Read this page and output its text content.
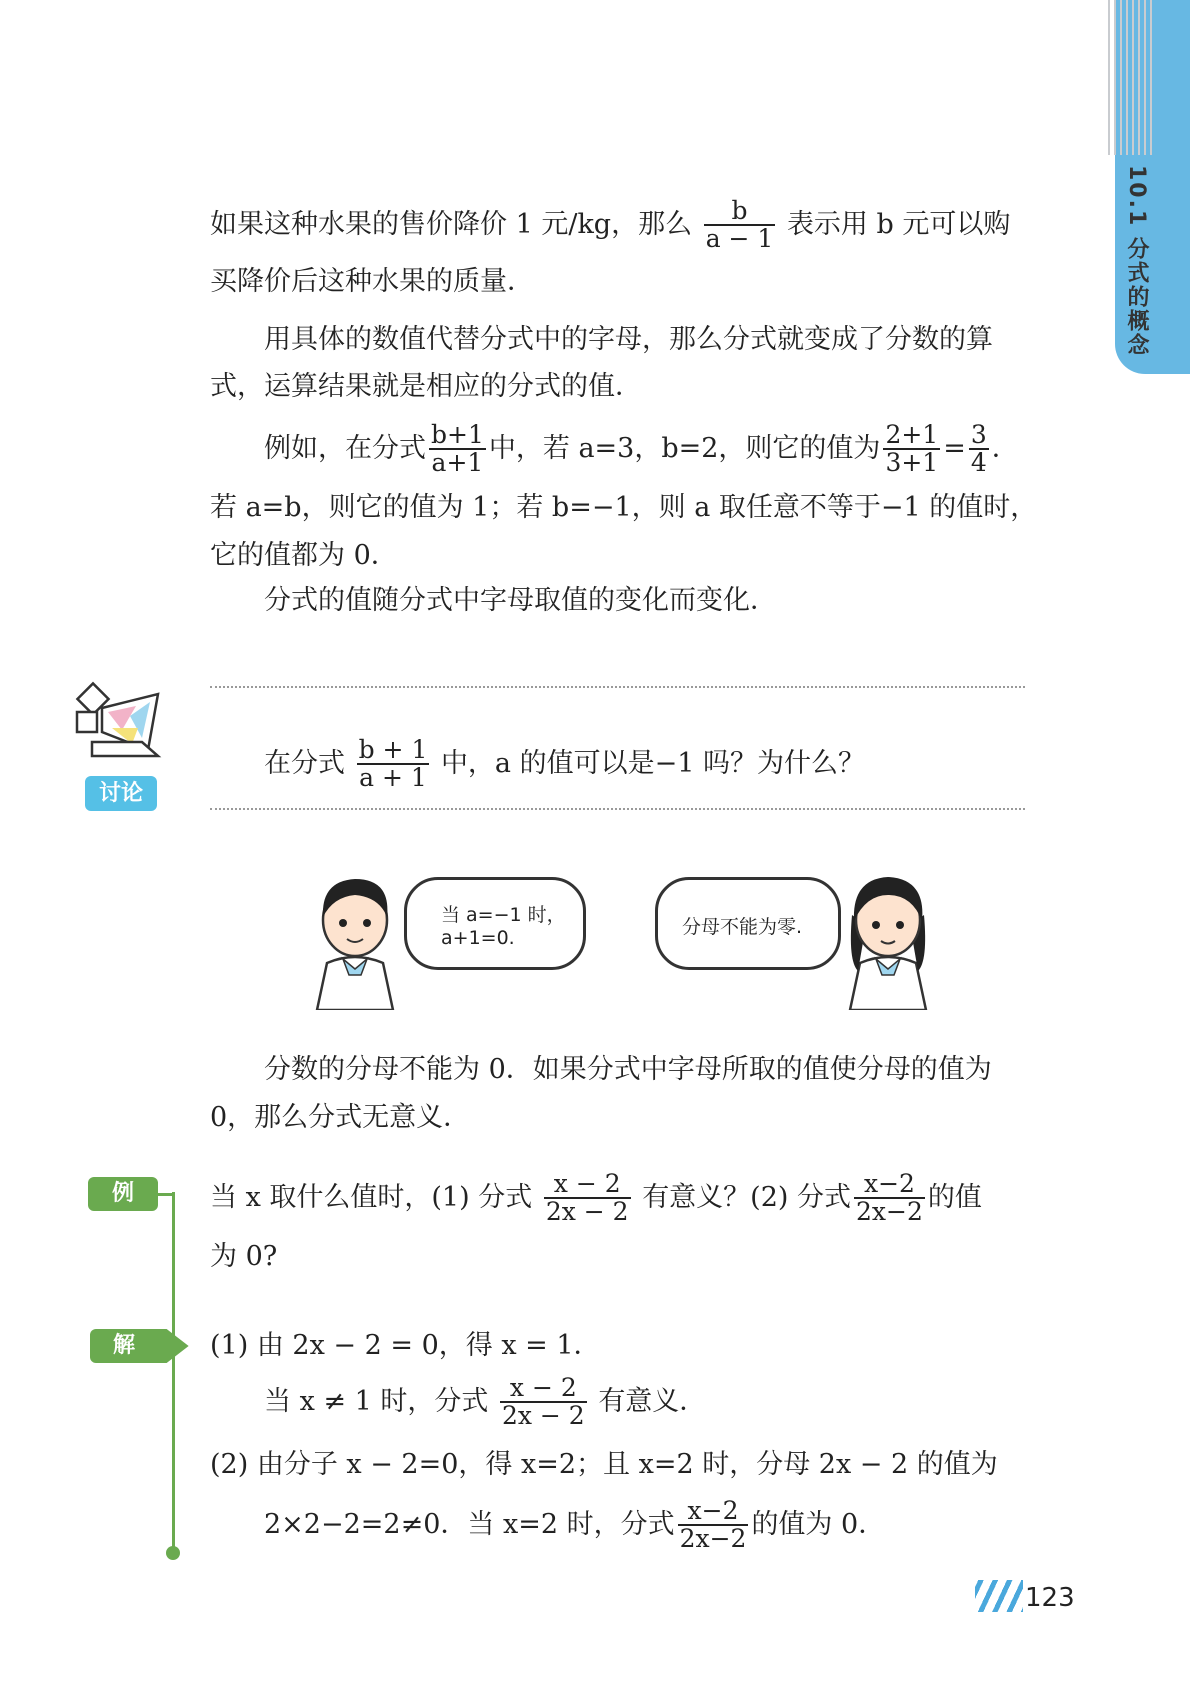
10.1 分式的概念
如果这种水果的售价降价 1 元/kg，那么 $\frac{b}{a - 1}$ 表示用 b 元可以购
买降价后这种水果的质量．
用具体的数值代替分式中的字母，那么分式就变成了分数的算
式，运算结果就是相应的分式的值．
例如，在分式 $\frac{b+1}{a+1}$ 中，若 a=3，b=2，则它的值为 $\frac{2+1}{3+1} = \frac{3}{4}$ ．
若 a=b，则它的值为 1；若 b=−1，则 a 取任意不等于−1 的值时，
它的值都为 0．
分式的值随分式中字母取值的变化而变化．
讨论
在分式 $\frac{b + 1}{a + 1}$ 中，a 的值可以是−1 吗？为什么？
当 a=−1 时，
a+1=0.	分母不能为零.
分数的分母不能为 0．如果分式中字母所取的值使分母的值为
0，那么分式无意义．
例	当 x 取什么值时，(1) 分式 $\frac{x - 2}{2x - 2}$ 有意义？(2) 分式 $\frac{x-2}{2x-2}$ 的值
为 0?
解	(1) 由 2x − 2 = 0，得 x = 1．
当 x ≠ 1 时，分式 $\frac{x - 2}{2x - 2}$ 有意义．
(2) 由分子 x − 2=0，得 x=2；且 x=2 时，分母 2x − 2 的值为
2×2−2=2≠0．当 x=2 时，分式 $\frac{x-2}{2x-2}$ 的值为 0．
123
